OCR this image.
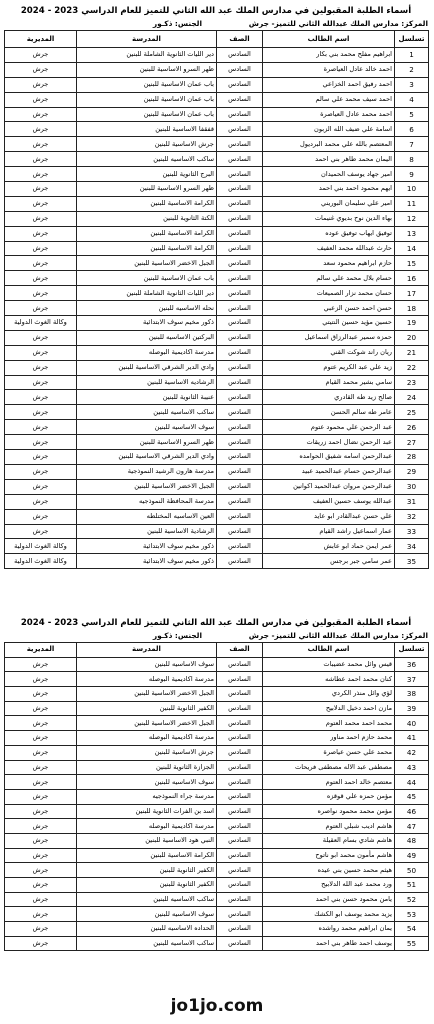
أسماء الطلبة المقبولين في مدارس الملك عبد الله الثاني للتميز للعام الدراسي 2023 - 2024
المركز: مدارس الملك عبدالله الثاني للتميز- جرش
الجنس: ذكـور
تسلسل	اسم الطالب	الصف	المدرسة	المديرية
1	ابراهيم مفلح محمد بني بكار	السادس	دير الليات الثانوية الشاملة للبنين	جرش
2	احمد خالد عادل العياصرة	السادس	ظهر السرو الاساسية للبنين	جرش
3	احمد رفيق احمد الخزاعي	السادس	باب عمان الاساسية للبنين	جرش
4	احمد سيف محمد علي سالم	السادس	باب عمان الاساسية للبنين	جرش
5	احمد محمد عادل العياصرة	السادس	باب عمان الاساسية للبنين	جرش
6	اسامة علي ضيف الله الزبون	السادس	قفقفا الاساسية للبنين	جرش
7	المعتصم بالله علي محمد البرديول	السادس	جرش الاساسية للبنين	جرش
8	اليمان محمد طاهر بني احمد	السادس	ساكب الاساسيه للبنين	جرش
9	امير جهاد يوسف الحميدان	السادس	البرج الثانوية للبنين	جرش
10	ايهم محمود احمد بني احمد	السادس	ظهر السرو الاساسية للبنين	جرش
11	امير علي سليمان البوريني	السادس	الكرامة الاساسية للبنين	جرش
12	بهاء الدين نوح بديوي غنيمات	السادس	الكتة الثانوية للبنين	جرش
13	توفيق ايهاب توفيق عوده	السادس	الكرامة الاساسية للبنين	جرش
14	حارث عبدالله محمد العفيف	السادس	الكرامة الاساسية للبنين	جرش
15	حازم ابراهيم محمود سعد	السادس	الجبل الاخضر الاساسية للبنين	جرش
16	حسام بلال محمد علي سالم	السادس	باب عمان الاساسية للبنين	جرش
17	حسان محمد نزار الصميعات	السادس	دير الليات الثانوية الشاملة للبنين	جرش
18	حسن احمد حسن الزعبي	السادس	نحله الاساسيه للبنين	جرش
19	حسين مؤيد حسين النتيتي	السادس	ذكور مخيم سوف الابتدائية	وكالة الغوث الدولية
20	حمزه سمير عبدالرزاق اسماعيل	السادس	البركتين الاساسيه للبنين	جرش
21	ريان راند شوكت القني	السادس	مدرسة اكاديمية البوصله	جرش
22	زيد علي عبد الكريم عتوم	السادس	وادي الدير الشرقي الاساسية للبنين	جرش
23	سامي بشير محمد القيام	السادس	الرشاديه الاساسية للبنين	جرش
24	صالح زيد طه القادري	السادس	عنيبة الثانوية للبنين	جرش
25	عامر طه سالم الحسن	السادس	ساكب الاساسيه للبنين	جرش
26	عبد الرحمن علي محمود عتوم	السادس	سوف الاساسيه للبنين	جرش
27	عبد الرحمن نضال احمد زريقات	السادس	ظهر السرو الاساسية للبنين	جرش
28	عبدالرحمن اسامه شفيق الحوامده	السادس	وادي الدير الشرقي الاساسية للبنين	جرش
29	عبدالرحمن حسام عبدالحميد عبيد	السادس	مدرسة هارون الرشيد النموذجية	جرش
30	عبدالرحمن مروان عبدالحميد اكوانين	السادس	الجبل الاخضر الاساسية للبنين	جرش
31	عبدالله يوسف حسين العفيف	السادس	مدرسة المحافظة النموذجيه	جرش
32	علي حسن عبدالقادر ابو عايد	السادس	العين الاساسيه المختلطه	جرش
33	عمار اسماعيل راشد القيام	السادس	الرشادية الاساسية للبنين	جرش
34	عمر ايمن حماد ابو عابش	السادس	ذكور مخيم سوف الابتدائية	وكالة الغوث الدولية
35	عمر سامي جبر برجس	السادس	ذكور مخيم سوف الابتدائية	وكالة الغوث الدولية
أسماء الطلبة المقبولين في مدارس الملك عبد الله الثاني للتميز للعام الدراسي 2023 - 2024
المركز: مدارس الملك عبدالله الثاني للتميز- جرش
الجنس: ذكـور
تسلسل	اسم الطالب	الصف	المدرسة	المديرية
36	قيس وائل محمد عضيبات	السادس	سوف الاساسيه للبنين	جرش
37	كنان محمد احمد عطاشه	السادس	مدرسة اكاديمية البوصله	جرش
38	لؤي وائل منذر الكردي	السادس	الجبل الاخضر الاساسية للبنين	جرش
39	مازن احمد دخيل الدلابيح	السادس	الكفير الثانوية للبنين	جرش
40	محمد احمد محمد العتوم	السادس	الجبل الاخضر الاساسية للبنين	جرش
41	محمد حازم احمد مناور	السادس	مدرسة اكاديمية البوصله	جرش
42	محمد علي حسن عياصرة	السادس	جرش الاساسية للبنين	جرش
43	مصطفى عبد الاله مصطفى فريحات	السادس	الجزازة الثانوية للبنين	جرش
44	معتصم خالد احمد العتوم	السادس	سوف الاساسيه للبنين	جرش
45	مؤمن حمزه علي قوقزه	السادس	مدرسة جراء النموذجيه	جرش
46	مؤمن محمد محمود نواصره	السادس	اسد بن الفرات الثانوية للبنين	جرش
47	هاشم اديب شبلي العتوم	السادس	مدرسة اكاديمية البوصله	جرش
48	هاشم شادي بسام العقيلة	السادس	النبي هود الاساسية للبنين	جرش
49	هاشم مأمون محمد ابو ناتوح	السادس	الكرامة الاساسية للبنين	جرش
50	هيثم محمد حسين بني عيده	السادس	الكفير الثانوية للبنين	جرش
51	ورد محمد عبد الله الدلابيح	السادس	الكفير الثانوية للبنين	جرش
52	يامن محمود حسن بني احمد	السادس	ساكب الاساسيه للبنين	جرش
53	يزيد محمد يوسف ابو الكشك	السادس	سوف الاساسيه للبنين	جرش
54	يمان ابراهيم محمد رواشده	السادس	الحداده الاساسيه للبنين	جرش
55	يوسف احمد طاهر بني احمد	السادس	ساكب الاساسيه للبنين	جرش
jo1jo.com
